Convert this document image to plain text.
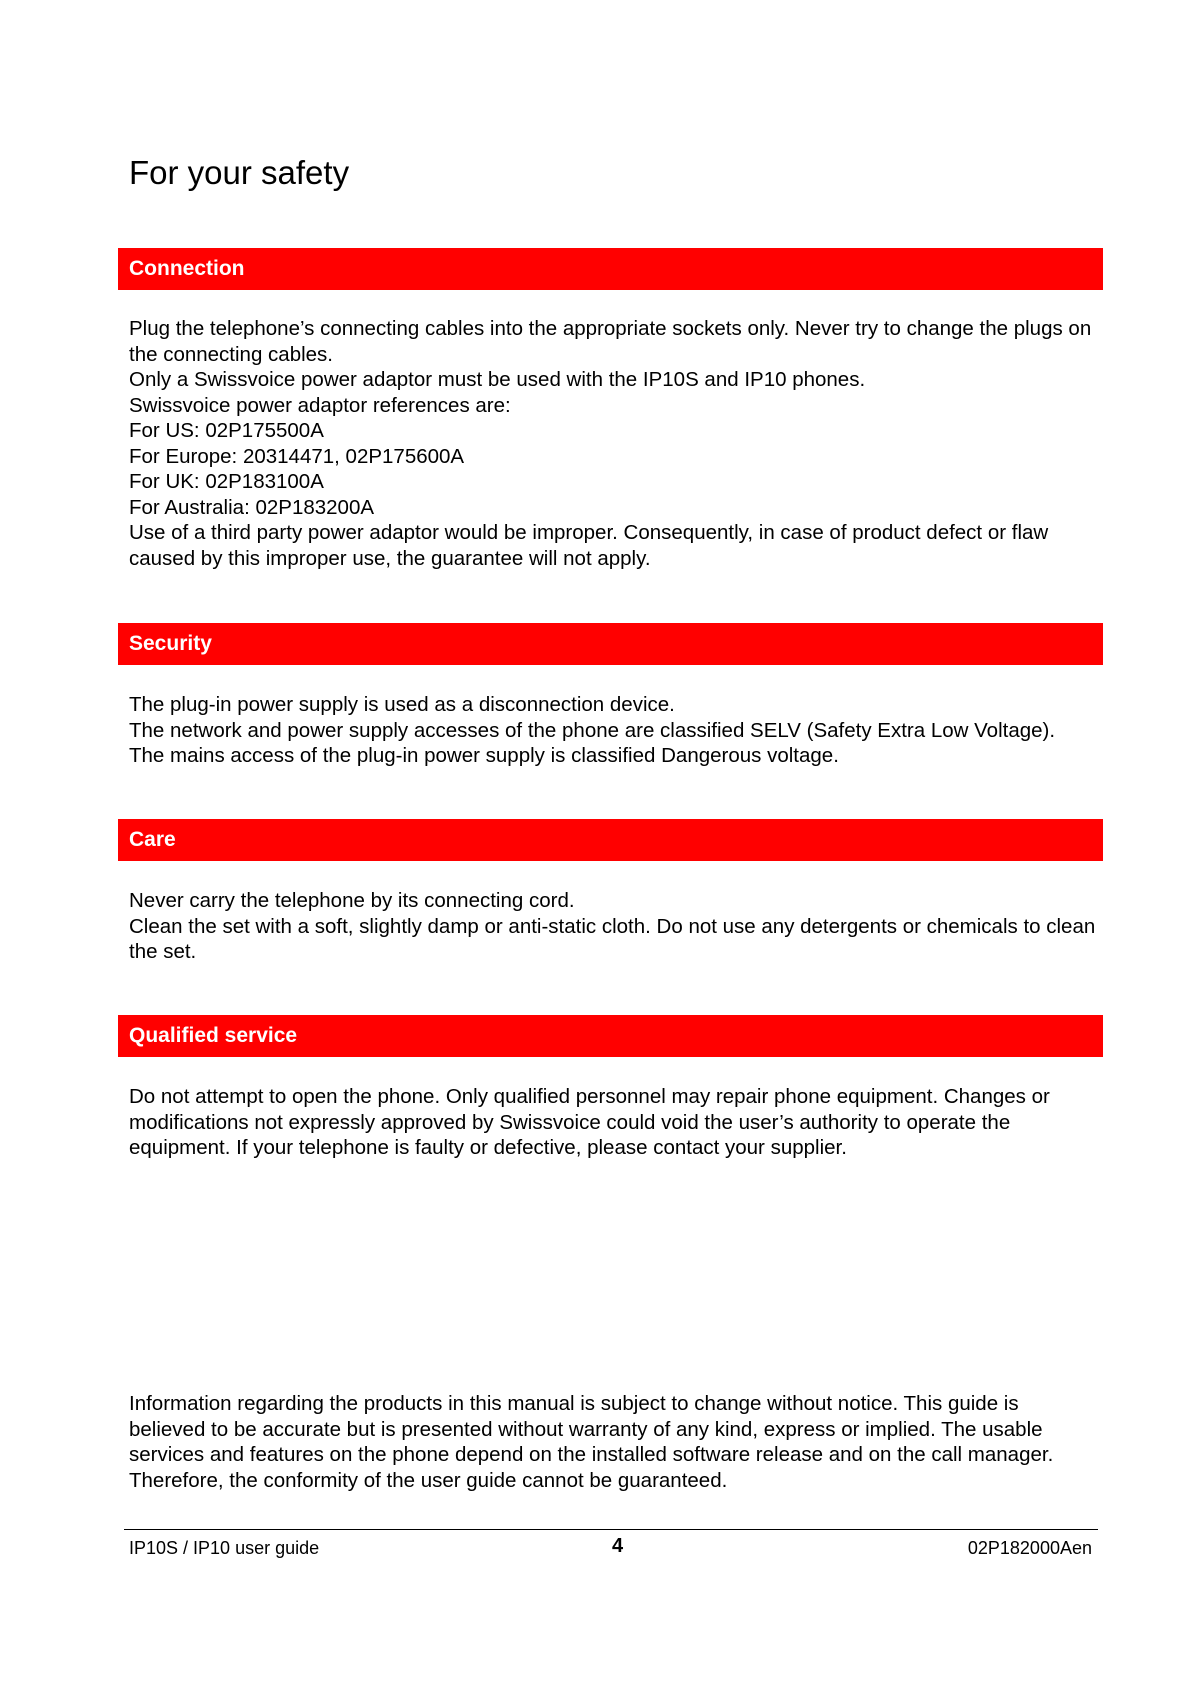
For your safety
Connection

Plug the telephone’s connecting cables into the appropriate sockets only. Never try to change the plugs on the connecting cables.

Only a Swissvoice power adaptor must be used with the IP10S and IP10 phones.

Swissvoice power adaptor references are:

For US: 02P175500A

For Europe: 20314471, 02P175600A

For UK: 02P183100A

For Australia: 02P183200A

Use of a third party power adaptor would be improper. Consequently, in case of product defect or flaw caused by this improper use, the guarantee will not apply.

Security

The plug-in power supply is used as a disconnection device.

The network and power supply accesses of the phone are classified SELV (Safety Extra Low Voltage).

The mains access of the plug-in power supply is classified Dangerous voltage.

Care

Never carry the telephone by its connecting cord.

Clean the set with a soft, slightly damp or anti-static cloth. Do not use any detergents or chemicals to clean the set.

Qualified service

Do not attempt to open the phone. Only qualified personnel may repair phone equipment. Changes or modifications not expressly approved by Swissvoice could void the user’s authority to operate the equipment. If your telephone is faulty or defective, please contact your supplier.

Information regarding the products in this manual is subject to change without notice. This guide is believed to be accurate but is presented without warranty of any kind, express or implied. The usable services and features on the phone depend on the installed software release and on the call manager. Therefore, the conformity of the user guide cannot be guaranteed.

IP10S / IP10 user guide	4	02P182000Aen
